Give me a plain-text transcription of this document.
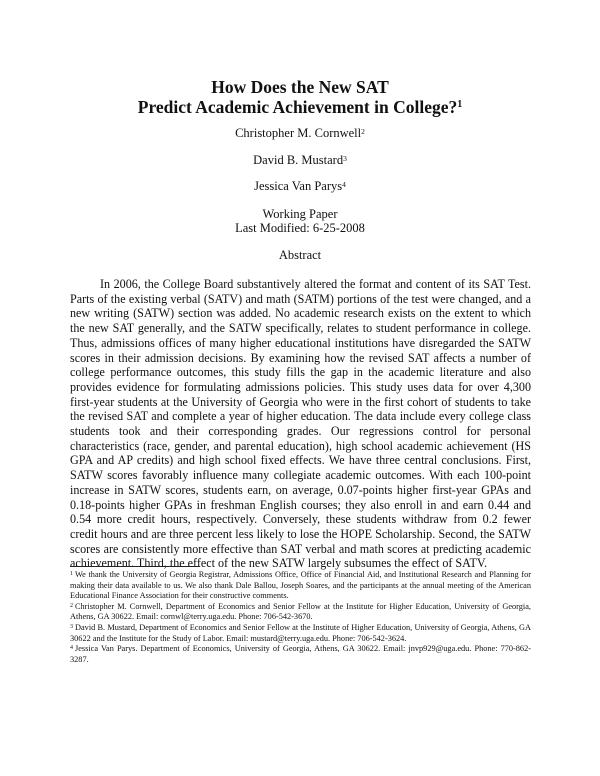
How Does the New SAT
Predict Academic Achievement in College?$^1$
Christopher M. Cornwell$^2$
David B. Mustard$^3$
Jessica Van Parys$^4$
Working Paper
Last Modified: 6-25-2008
Abstract

In 2006, the College Board substantively altered the format and content of its SAT Test. Parts of the existing verbal (SATV) and math (SATM) portions of the test were changed, and a new writing (SATW) section was added. No academic research exists on the extent to which the new SAT generally, and the SATW specifically, relates to student performance in college. Thus, admissions offices of many higher educational institutions have disregarded the SATW scores in their admission decisions. By examining how the revised SAT affects a number of college performance outcomes, this study fills the gap in the academic literature and also provides evidence for formulating admissions policies. This study uses data for over 4,300 first-year students at the University of Georgia who were in the first cohort of students to take the revised SAT and complete a year of higher education. The data include every college class students took and their corresponding grades. Our regressions control for personal characteristics (race, gender, and parental education), high school academic achievement (HS GPA and AP credits) and high school fixed effects. We have three central conclusions. First, SATW scores favorably influence many collegiate academic outcomes. With each 100-point increase in SATW scores, students earn, on average, 0.07-points higher first-year GPAs and 0.18-points higher GPAs in freshman English courses; they also enroll in and earn 0.44 and 0.54 more credit hours, respectively. Conversely, these students withdraw from 0.2 fewer credit hours and are three percent less likely to lose the HOPE Scholarship. Second, the SATW scores are consistently more effective than SAT verbal and math scores at predicting academic achievement. Third, the effect of the new SATW largely subsumes the effect of SATV.

$^1$ We thank the University of Georgia Registrar, Admissions Office, Office of Financial Aid, and Institutional Research and Planning for making their data available to us. We also thank Dale Ballou, Joseph Soares, and the participants at the annual meeting of the American Educational Finance Association for their constructive comments.

$^2$ Christopher M. Cornwell, Department of Economics and Senior Fellow at the Institute for Higher Education, University of Georgia, Athens, GA 30622. Email: cornwl@terry.uga.edu. Phone: 706-542-3670.

$^3$ David B. Mustard, Department of Economics and Senior Fellow at the Institute of Higher Education, University of Georgia, Athens, GA 30622 and the Institute for the Study of Labor. Email: mustard@terry.uga.edu. Phone: 706-542-3624.

$^4$ Jessica Van Parys. Department of Economics, University of Georgia, Athens, GA 30622. Email: jnvp929@uga.edu. Phone: 770-862-3287.
